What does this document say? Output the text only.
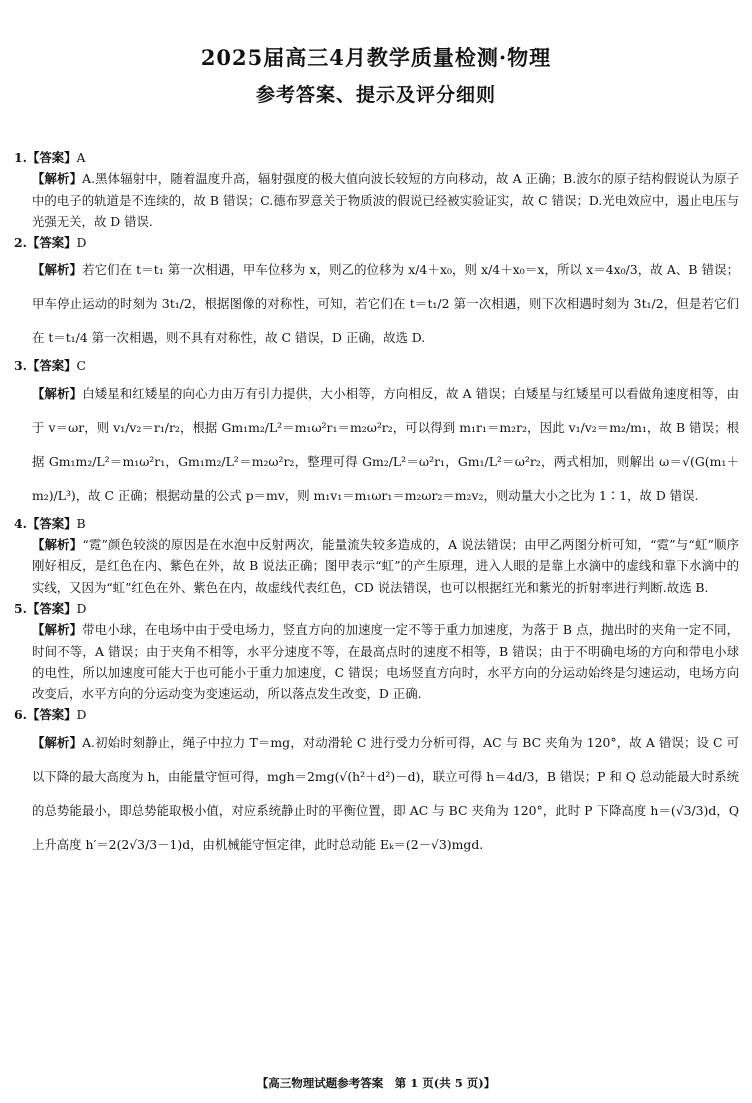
2025届高三4月教学质量检测·物理
参考答案、提示及评分细则
1.【答案】A
【解析】A.黑体辐射中，随着温度升高，辐射强度的极大值向波长较短的方向移动，故 A 正确；B.波尔的原子结构假说认为原子中的电子的轨道是不连续的，故 B 错误；C.德布罗意关于物质波的假说已经被实验证实，故 C 错误；D.光电效应中，遏止电压与光强无关，故 D 错误.
2.【答案】D
【解析】若它们在 t＝t₁ 第一次相遇，甲车位移为 x，则乙的位移为 x/4＋x₀，则 x/4＋x₀＝x，所以 x＝4x₀/3，故 A、B 错误；甲车停止运动的时刻为 3t₁/2，根据图像的对称性，可知，若它们在 t＝t₁/2 第一次相遇，则下次相遇时刻为 3t₁/2，但是若它们在 t＝t₁/4 第一次相遇，则不具有对称性，故 C 错误，D 正确，故选 D.
3.【答案】C
【解析】白矮星和红矮星的向心力由万有引力提供，大小相等，方向相反，故 A 错误；白矮星与红矮星可以看做角速度相等，由于 v＝ωr，则 v₁/v₂＝r₁/r₂，根据 Gm₁m₂/L²＝m₁ω²r₁＝m₂ω²r₂，可以得到 m₁r₁＝m₂r₂，因此 v₁/v₂＝m₂/m₁，故 B 错误；根据 Gm₁m₂/L²＝m₁ω²r₁，Gm₁m₂/L²＝m₂ω²r₂，整理可得 Gm₂/L²＝ω²r₁，Gm₁/L²＝ω²r₂，两式相加，则解出 ω＝√(G(m₁＋m₂)/L³)，故 C 正确；根据动量的公式 p＝mv，则 m₁v₁＝m₁ωr₁＝m₂ωr₂＝m₂v₂，则动量大小之比为 1∶1，故 D 错误.
4.【答案】B
【解析】“霓”颜色较淡的原因是在水泡中反射两次，能量流失较多造成的，A 说法错误；由甲乙两图分析可知，“霓”与“虹”顺序刚好相反，是红色在内、紫色在外，故 B 说法正确；图甲表示“虹”的产生原理，进入人眼的是靠上水滴中的虚线和靠下水滴中的实线，又因为“虹”红色在外、紫色在内，故虚线代表红色，CD 说法错误，也可以根据红光和紫光的折射率进行判断.故选 B.
5.【答案】D
【解析】带电小球，在电场中由于受电场力，竖直方向的加速度一定不等于重力加速度，为落于 B 点，抛出时的夹角一定不同，时间不等，A 错误；由于夹角不相等，水平分速度不等，在最高点时的速度不相等，B 错误；由于不明确电场的方向和带电小球的电性，所以加速度可能大于也可能小于重力加速度，C 错误；电场竖直方向时，水平方向的分运动始终是匀速运动，电场方向改变后，水平方向的分运动变为变速运动，所以落点发生改变，D 正确.
6.【答案】D
【解析】A.初始时刻静止，绳子中拉力 T＝mg，对动滑轮 C 进行受力分析可得，AC 与 BC 夹角为 120°，故 A 错误；设 C 可以下降的最大高度为 h，由能量守恒可得，mgh＝2mg(√(h²＋d²)－d)，联立可得 h＝4d/3，B 错误；P 和 Q 总动能最大时系统的总势能最小，即总势能取极小值，对应系统静止时的平衡位置，即 AC 与 BC 夹角为 120°，此时 P 下降高度 h＝(√3/3)d，Q 上升高度 h′＝2(2√3/3－1)d，由机械能守恒定律，此时总动能 Eₖ＝(2－√3)mgd.
【高三物理试题参考答案　第 1 页(共 5 页)】
